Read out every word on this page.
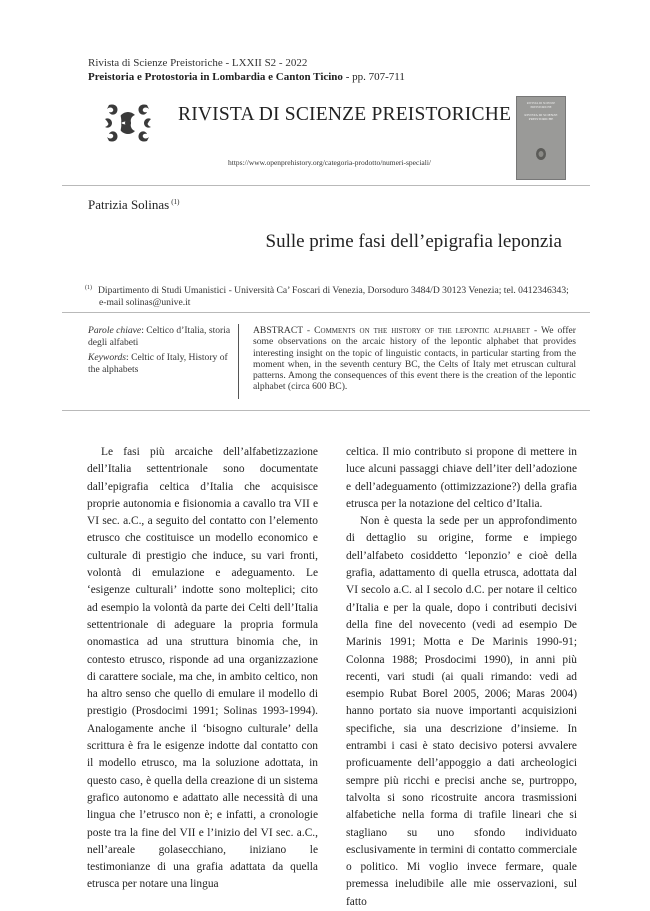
Rivista di Scienze Preistoriche - LXXII S2 - 2022
Preistoria e Protostoria in Lombardia e Canton Ticino - pp. 707-711
RIVISTA DI SCIENZE PREISTORICHE
https://www.openprehistory.org/categoria-prodotto/numeri-speciali/
RIVISTA DI SCIENZE PREISTORICHE
RIVISTA DI SCIENZE PREISTORICHE
Patrizia Solinas $^{(1)}$
Sulle prime fasi dell’epigrafia leponzia
$^{(1)}$ Dipartimento di Studi Umanistici - Università Ca’ Foscari di Venezia, Dorsoduro 3484/D 30123 Venezia; tel. 0412346343;
e-mail solinas@unive.it

Parole chiave: Celtico d’Italia, storia degli alfabeti

Keywords: Celtic of Italy, History of the alphabets

ABSTRACT - Comments on the history of the lepontic alphabet - We offer some observations on the arcaic history of the lepontic alphabet that provides interesting insight on the topic of linguistic contacts, in particular starting from the moment when, in the seventh century BC, the Celts of Italy met etruscan cultural patterns. Among the consequences of this event there is the creation of the lepontic alphabet (circa 600 BC).

Le fasi più arcaiche dell’alfabetizzazione dell’Italia settentrionale sono documentate dall’epigrafia celtica d’Italia che acquisisce proprie autonomia e fisionomia a cavallo tra VII e VI sec. a.C., a seguito del contatto con l’elemento etrusco che costituisce un modello economico e culturale di prestigio che induce, su vari fronti, volontà di emulazione e adeguamento. Le ‘esigenze culturali’ indotte sono molteplici; cito ad esempio la volontà da parte dei Celti dell’Italia settentrionale di adeguare la propria formula onomastica ad una struttura binomia che, in contesto etrusco, risponde ad una organizzazione di carattere sociale, ma che, in ambito celtico, non ha altro senso che quello di emulare il modello di prestigio (Prosdocimi 1991; Solinas 1993-1994). Analogamente anche il ‘bisogno culturale’ della scrittura è fra le esigenze indotte dal contatto con il modello etrusco, ma la soluzione adottata, in questo caso, è quella della creazione di un sistema grafico autonomo e adattato alle necessità di una lingua che l’etrusco non è; e infatti, a cronologie poste tra la fine del VII e l’inizio del VI sec. a.C., nell’areale golasecchiano, iniziano le testimonianze di una grafia adattata da quella etrusca per notare una lingua

celtica. Il mio contributo si propone di mettere in luce alcuni passaggi chiave dell’iter dell’adozione e dell’adeguamento (ottimizzazione?) della grafia etrusca per la notazione del celtico d’Italia.

Non è questa la sede per un approfondimento di dettaglio su origine, forme e impiego dell’alfabeto cosiddetto ‘leponzio’ e cioè della grafia, adattamento di quella etrusca, adottata dal VI secolo a.C. al I secolo d.C. per notare il celtico d’Italia e per la quale, dopo i contributi decisivi della fine del novecento (vedi ad esempio De Marinis 1991; Motta e De Marinis 1990-91; Colonna 1988; Prosdocimi 1990), in anni più recenti, vari studi (ai quali rimando: vedi ad esempio Rubat Borel 2005, 2006; Maras 2004) hanno portato sia nuove importanti acquisizioni specifiche, sia una descrizione d’insieme. In entrambi i casi è stato decisivo potersi avvalere proficuamente dell’appoggio a dati archeologici sempre più ricchi e precisi anche se, purtroppo, talvolta si sono ricostruite ancora trasmissioni alfabetiche nella forma di trafile lineari che si stagliano su uno sfondo individuato esclusivamente in termini di contatto commerciale o politico. Mi voglio invece fermare, quale premessa ineludibile alle mie osservazioni, sul fatto
